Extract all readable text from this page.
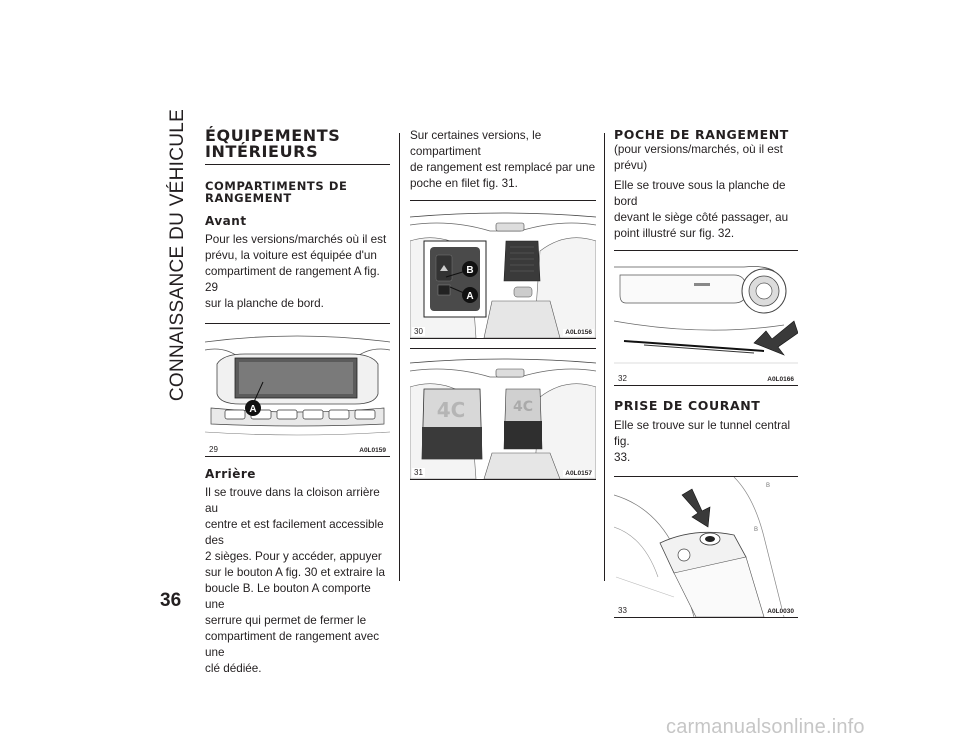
CONNAISSANCE DU VÉHICULE
36
carmanualsonline.info
ÉQUIPEMENTS
INTÉRIEURS
COMPARTIMENTS DE
RANGEMENT
Avant
Pour les versions/marchés où il est
prévu, la voiture est équipée d'un
compartiment de rangement A fig. 29
sur la planche de bord.
A
29	A0L0159
Arrière
Il se trouve dans la cloison arrière au
centre et est facilement accessible des
2 sièges. Pour y accéder, appuyer
sur le bouton A fig. 30 et extraire la
boucle B. Le bouton A comporte une
serrure qui permet de fermer le
compartiment de rangement avec une
clé dédiée.
Sur certaines versions, le compartiment
de rangement est remplacé par une
poche en filet fig. 31.
B
A
30	A0L0156
4C	4C
31	A0L0157
POCHE DE RANGEMENT
(pour versions/marchés, où il est prévu)
Elle se trouve sous la planche de bord
devant le siège côté passager, au
point illustré sur fig. 32.
32	A0L0166
PRISE DE COURANT
Elle se trouve sur le tunnel central fig.
33.
B
B
33	A0L0030
